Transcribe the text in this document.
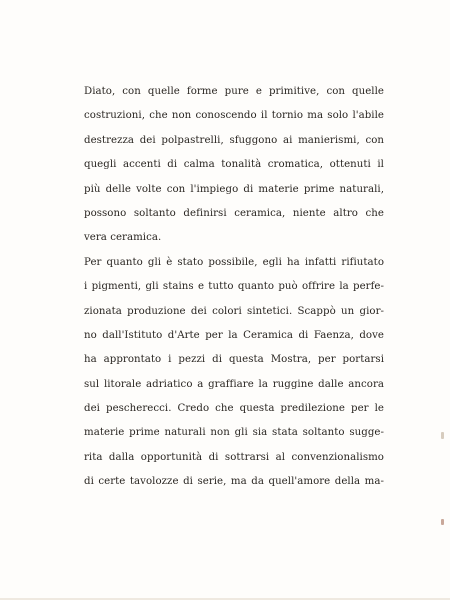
Diato, con quelle forme pure e primitive, con quelle
costruzioni, che non conoscendo il tornio ma solo l'abile
destrezza dei polpastrelli, sfuggono ai manierismi, con
quegli accenti di calma tonalità cromatica, ottenuti il
più delle volte con l'impiego di materie prime naturali,
possono soltanto definirsi ceramica, niente altro che
vera ceramica.

Per quanto gli è stato possibile, egli ha infatti rifiutato
i pigmenti, gli stains e tutto quanto può offrire la perfe-
zionata produzione dei colori sintetici. Scappò un gior-
no dall'Istituto d'Arte per la Ceramica di Faenza, dove
ha approntato i pezzi di questa Mostra, per portarsi
sul litorale adriatico a graffiare la ruggine dalle ancora
dei pescherecci. Credo che questa predilezione per le
materie prime naturali non gli sia stata soltanto sugge-
rita dalla opportunità di sottrarsi al convenzionalismo
di certe tavolozze di serie, ma da quell'amore della ma-
